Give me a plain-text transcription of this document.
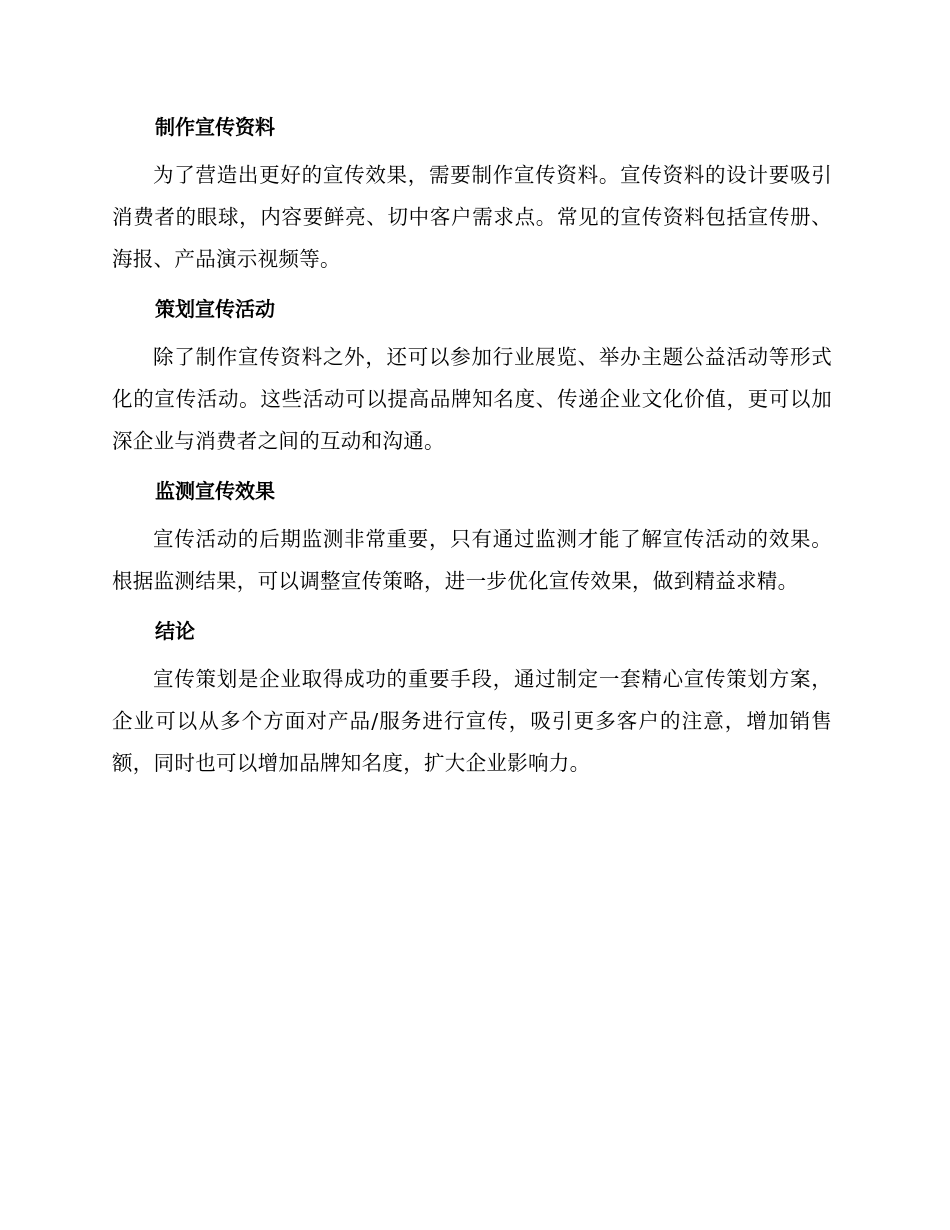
制作宣传资料

为了营造出更好的宣传效果，需要制作宣传资料。宣传资料的设计要吸引消费者的眼球，内容要鲜亮、切中客户需求点。常见的宣传资料包括宣传册、海报、产品演示视频等。

策划宣传活动

除了制作宣传资料之外，还可以参加行业展览、举办主题公益活动等形式化的宣传活动。这些活动可以提高品牌知名度、传递企业文化价值，更可以加深企业与消费者之间的互动和沟通。

监测宣传效果

宣传活动的后期监测非常重要，只有通过监测才能了解宣传活动的效果。根据监测结果，可以调整宣传策略，进一步优化宣传效果，做到精益求精。

结论

宣传策划是企业取得成功的重要手段，通过制定一套精心宣传策划方案，企业可以从多个方面对产品/服务进行宣传，吸引更多客户的注意，增加销售额，同时也可以增加品牌知名度，扩大企业影响力。
